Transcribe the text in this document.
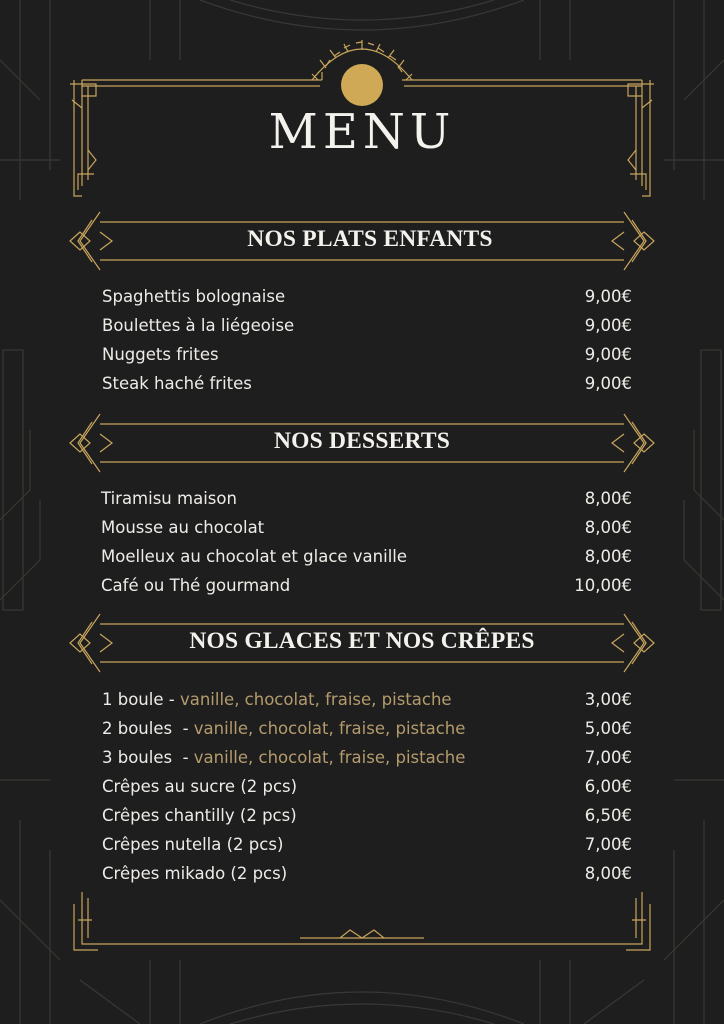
MENU
NOS PLATS ENFANTS
Spaghettis bolognaise	9,00€
Boulettes à la liégeoise	9,00€
Nuggets frites	9,00€
Steak haché frites	9,00€
NOS DESSERTS
Tiramisu maison	8,00€
Mousse au chocolat	8,00€
Moelleux au chocolat et glace vanille	8,00€
Café ou Thé gourmand	10,00€
NOS GLACES ET NOS CRÊPES
1 boule - vanille, chocolat, fraise, pistache	3,00€
2 boules  - vanille, chocolat, fraise, pistache	5,00€
3 boules  - vanille, chocolat, fraise, pistache	7,00€
Crêpes au sucre (2 pcs)	6,00€
Crêpes chantilly (2 pcs)	6,50€
Crêpes nutella (2 pcs)	7,00€
Crêpes mikado (2 pcs)	8,00€
